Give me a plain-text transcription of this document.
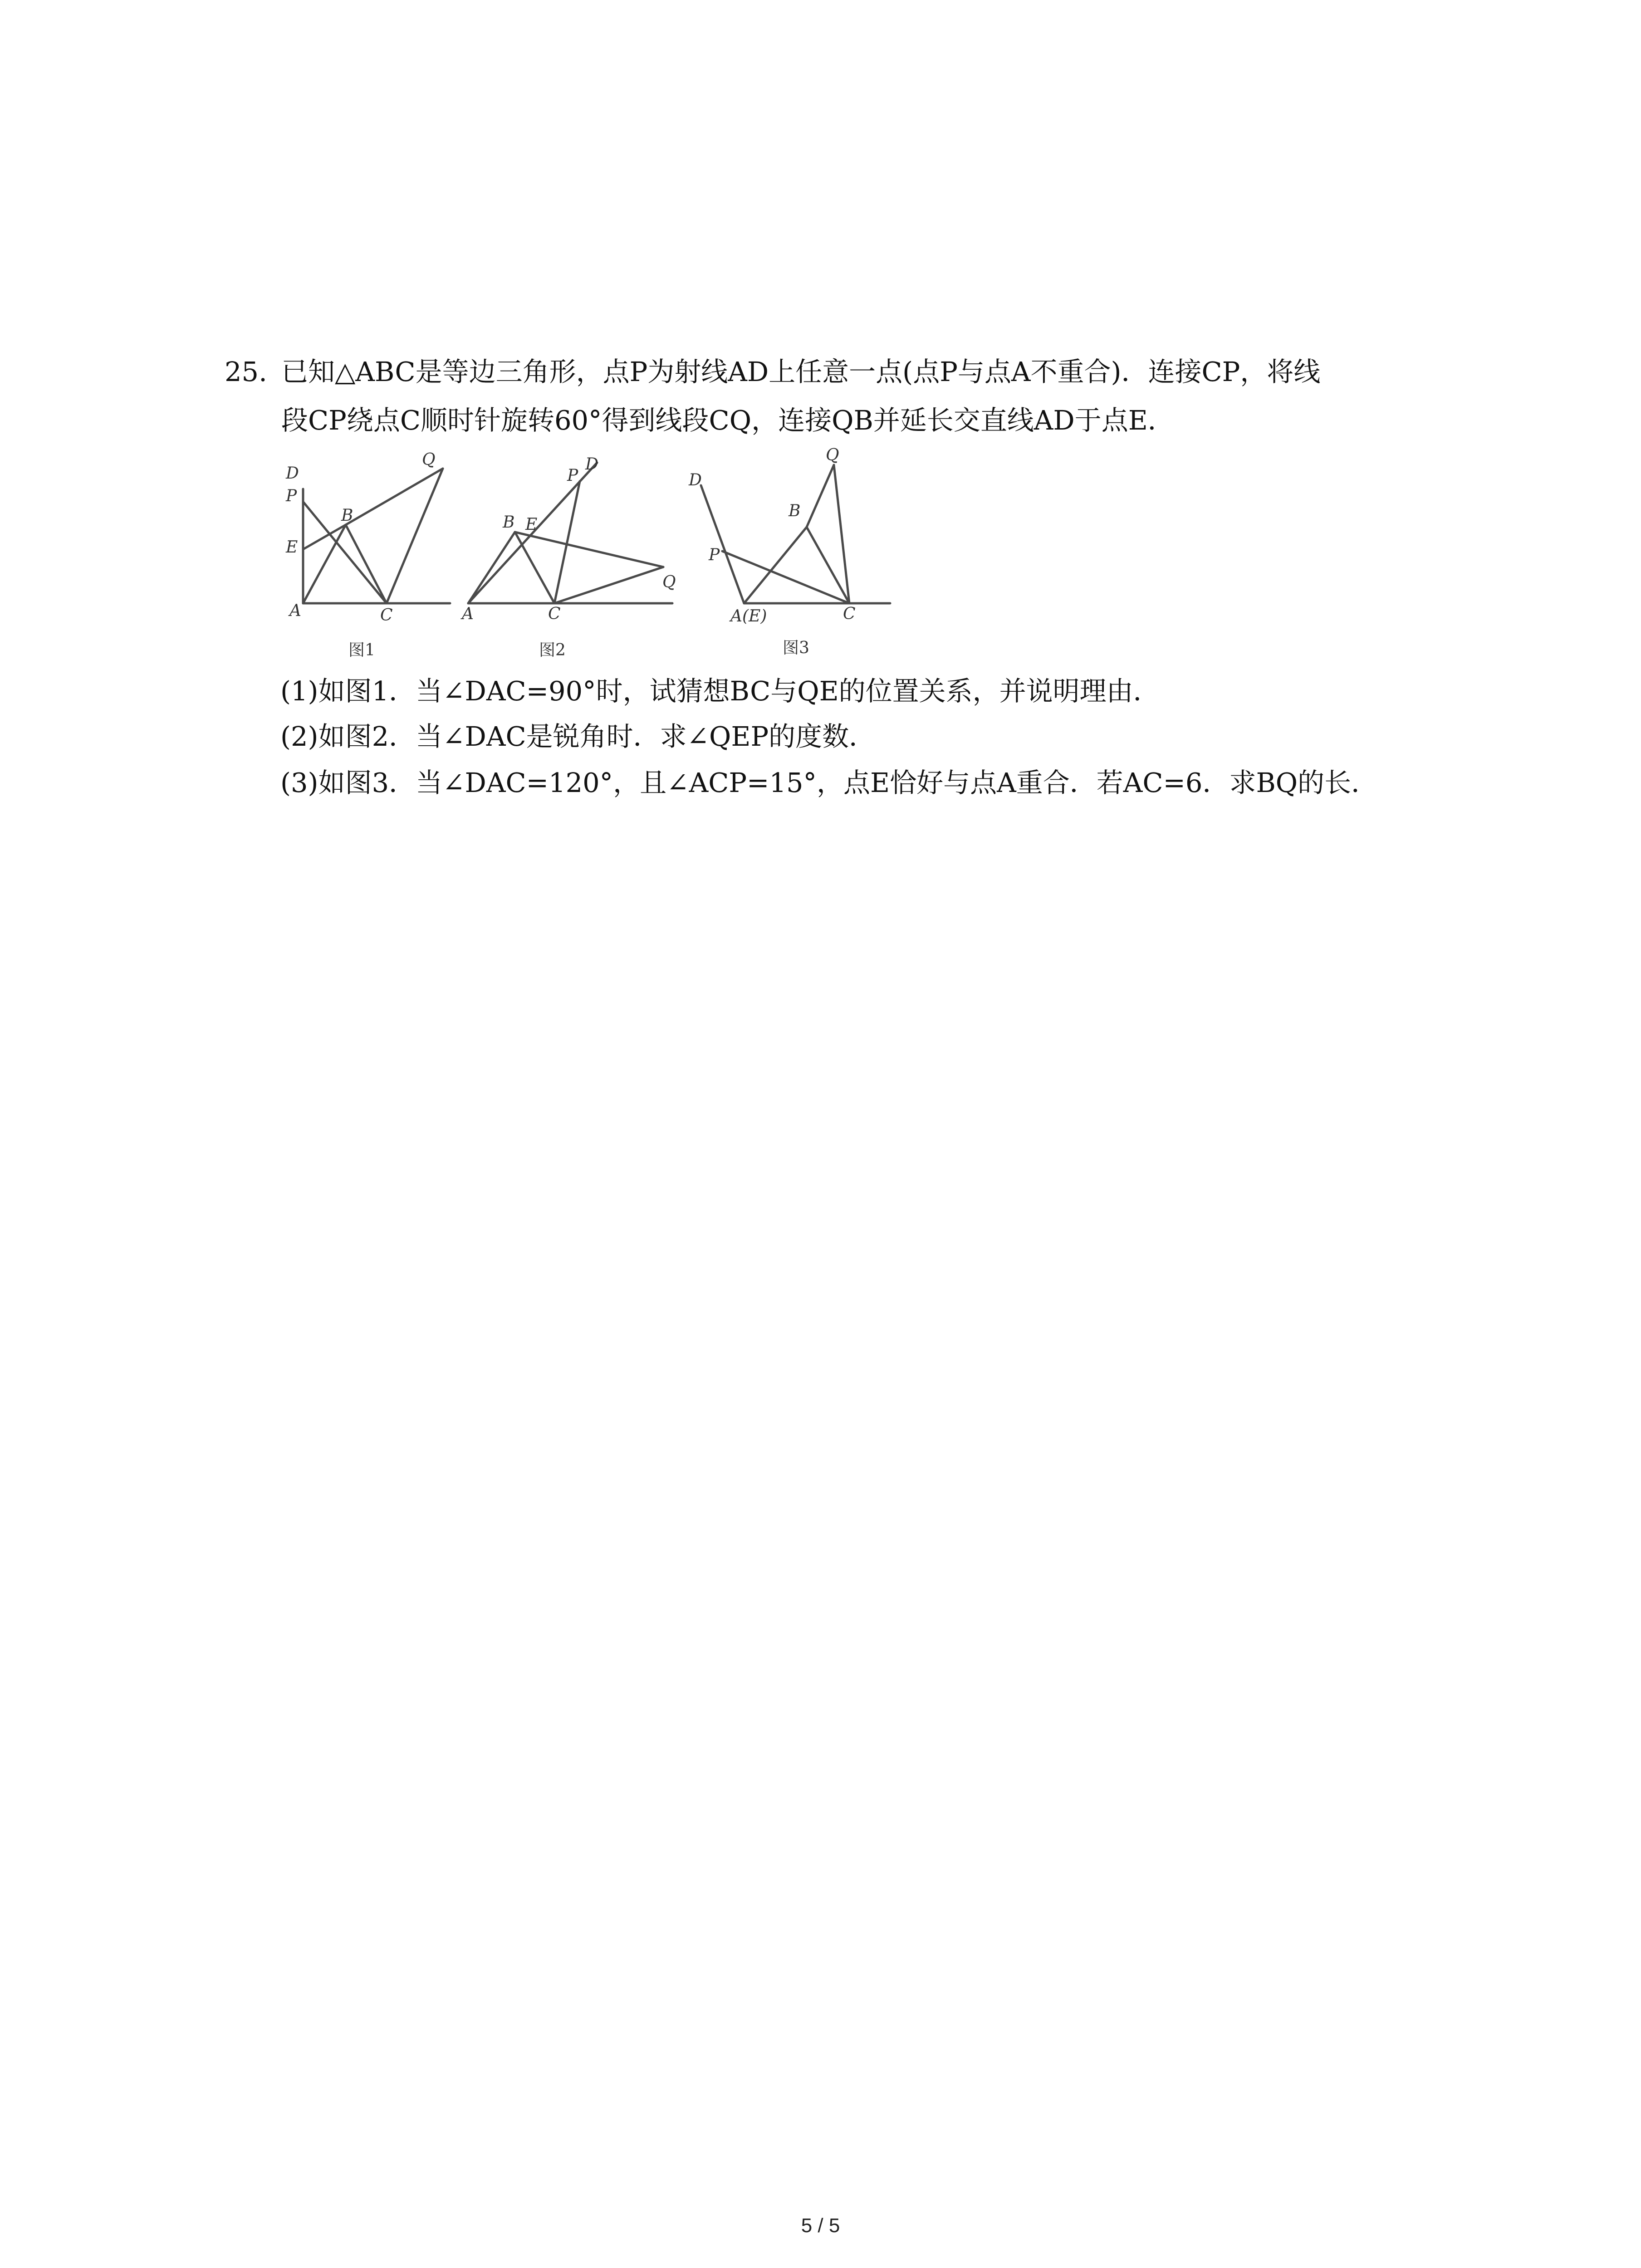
25. 已知△ABC是等边三角形，点P为射线AD上任意一点(点P与点A不重合)．连接CP，将线
段CP绕点C顺时针旋转60°得到线段CQ，连接QB并延长交直线AD于点E．
D
P
E
A
B
C
Q
图1
D
P
B E
A	C
Q
图2
D
P
B
Q
A(E)	C
图3
(1)如图1．当∠DAC=90°时，试猜想BC与QE的位置关系，并说明理由．
(2)如图2．当∠DAC是锐角时．求∠QEP的度数．
(3)如图3．当∠DAC=120°，且∠ACP=15°，点E恰好与点A重合．若AC=6．求BQ的长．
5 / 5
